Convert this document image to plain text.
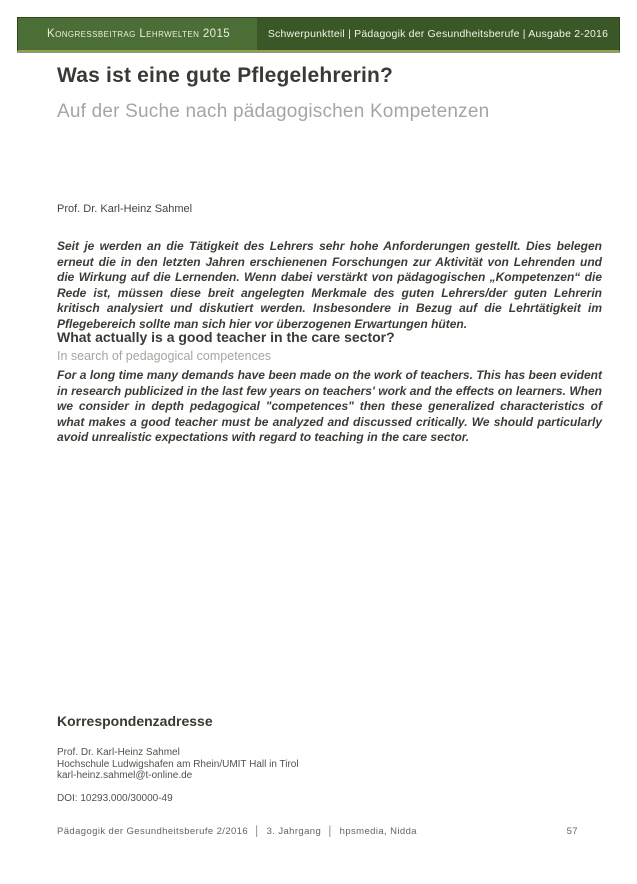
Kongressbeitrag Lehrwelten 2015	Schwerpunktteil | Pädagogik der Gesundheitsberufe | Ausgabe 2-2016
Was ist eine gute Pflegelehrerin?
Auf der Suche nach pädagogischen Kompetenzen

Prof. Dr. Karl-Heinz Sahmel

Seit je werden an die Tätigkeit des Lehrers sehr hohe Anforderungen gestellt. Dies belegen erneut die in den letzten Jahren erschienenen Forschungen zur Aktivität von Lehrenden und die Wirkung auf die Lernenden. Wenn dabei verstärkt von pädagogischen „Kompetenzen“ die Rede ist, müssen diese breit angelegten Merkmale des guten Lehrers/der guten Lehrerin kritisch analysiert und diskutiert werden. Insbesondere in Bezug auf die Lehrtätigkeit im Pflegebereich sollte man sich hier vor überzogenen Erwartungen hüten.

What actually is a good teacher in the care sector?
In search of pedagogical competences

For a long time many demands have been made on the work of teachers. This has been evident in research publicized in the last few years on teachers' work and the effects on learners. When we consider in depth pedagogical "competences" then these generalized characteristics of what makes a good teacher must be analyzed and discussed critically. We should particularly avoid unrealistic expectations with regard to teaching in the care sector.

Korrespondenzadresse

Prof. Dr. Karl-Heinz Sahmel

Hochschule Ludwigshafen am Rhein/UMIT Hall in Tirol

karl-heinz.sahmel@t-online.de

DOI: 10293.000/30000-49

Pädagogik der Gesundheitsberufe 2/2016  │  3. Jahrgang  │  hpsmedia, Nidda	57
